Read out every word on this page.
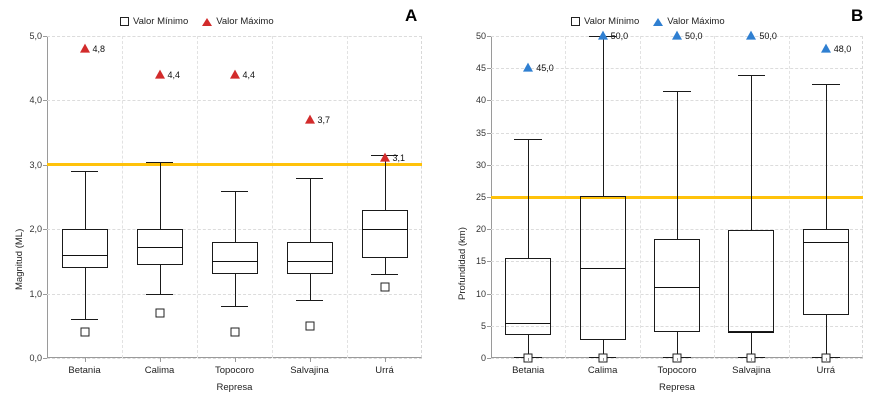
A
Valor Mínimo	Valor Máximo
0,0
1,0
2,0
3,0
4,0
5,0
4,8
Betania
4,4
Calima
4,4
Topocoro
3,7
Salvajina
3,1
Urrá
Represa
Magnitud (ML)
B
Valor Mínimo	Valor Máximo
0
5
10
15
20
25
30
35
40
45
50
45,0
Betania
50,0
Calima
50,0
Topocoro
50,0
Salvajina
48,0
Urrá
Represa
Profundidad (km)
